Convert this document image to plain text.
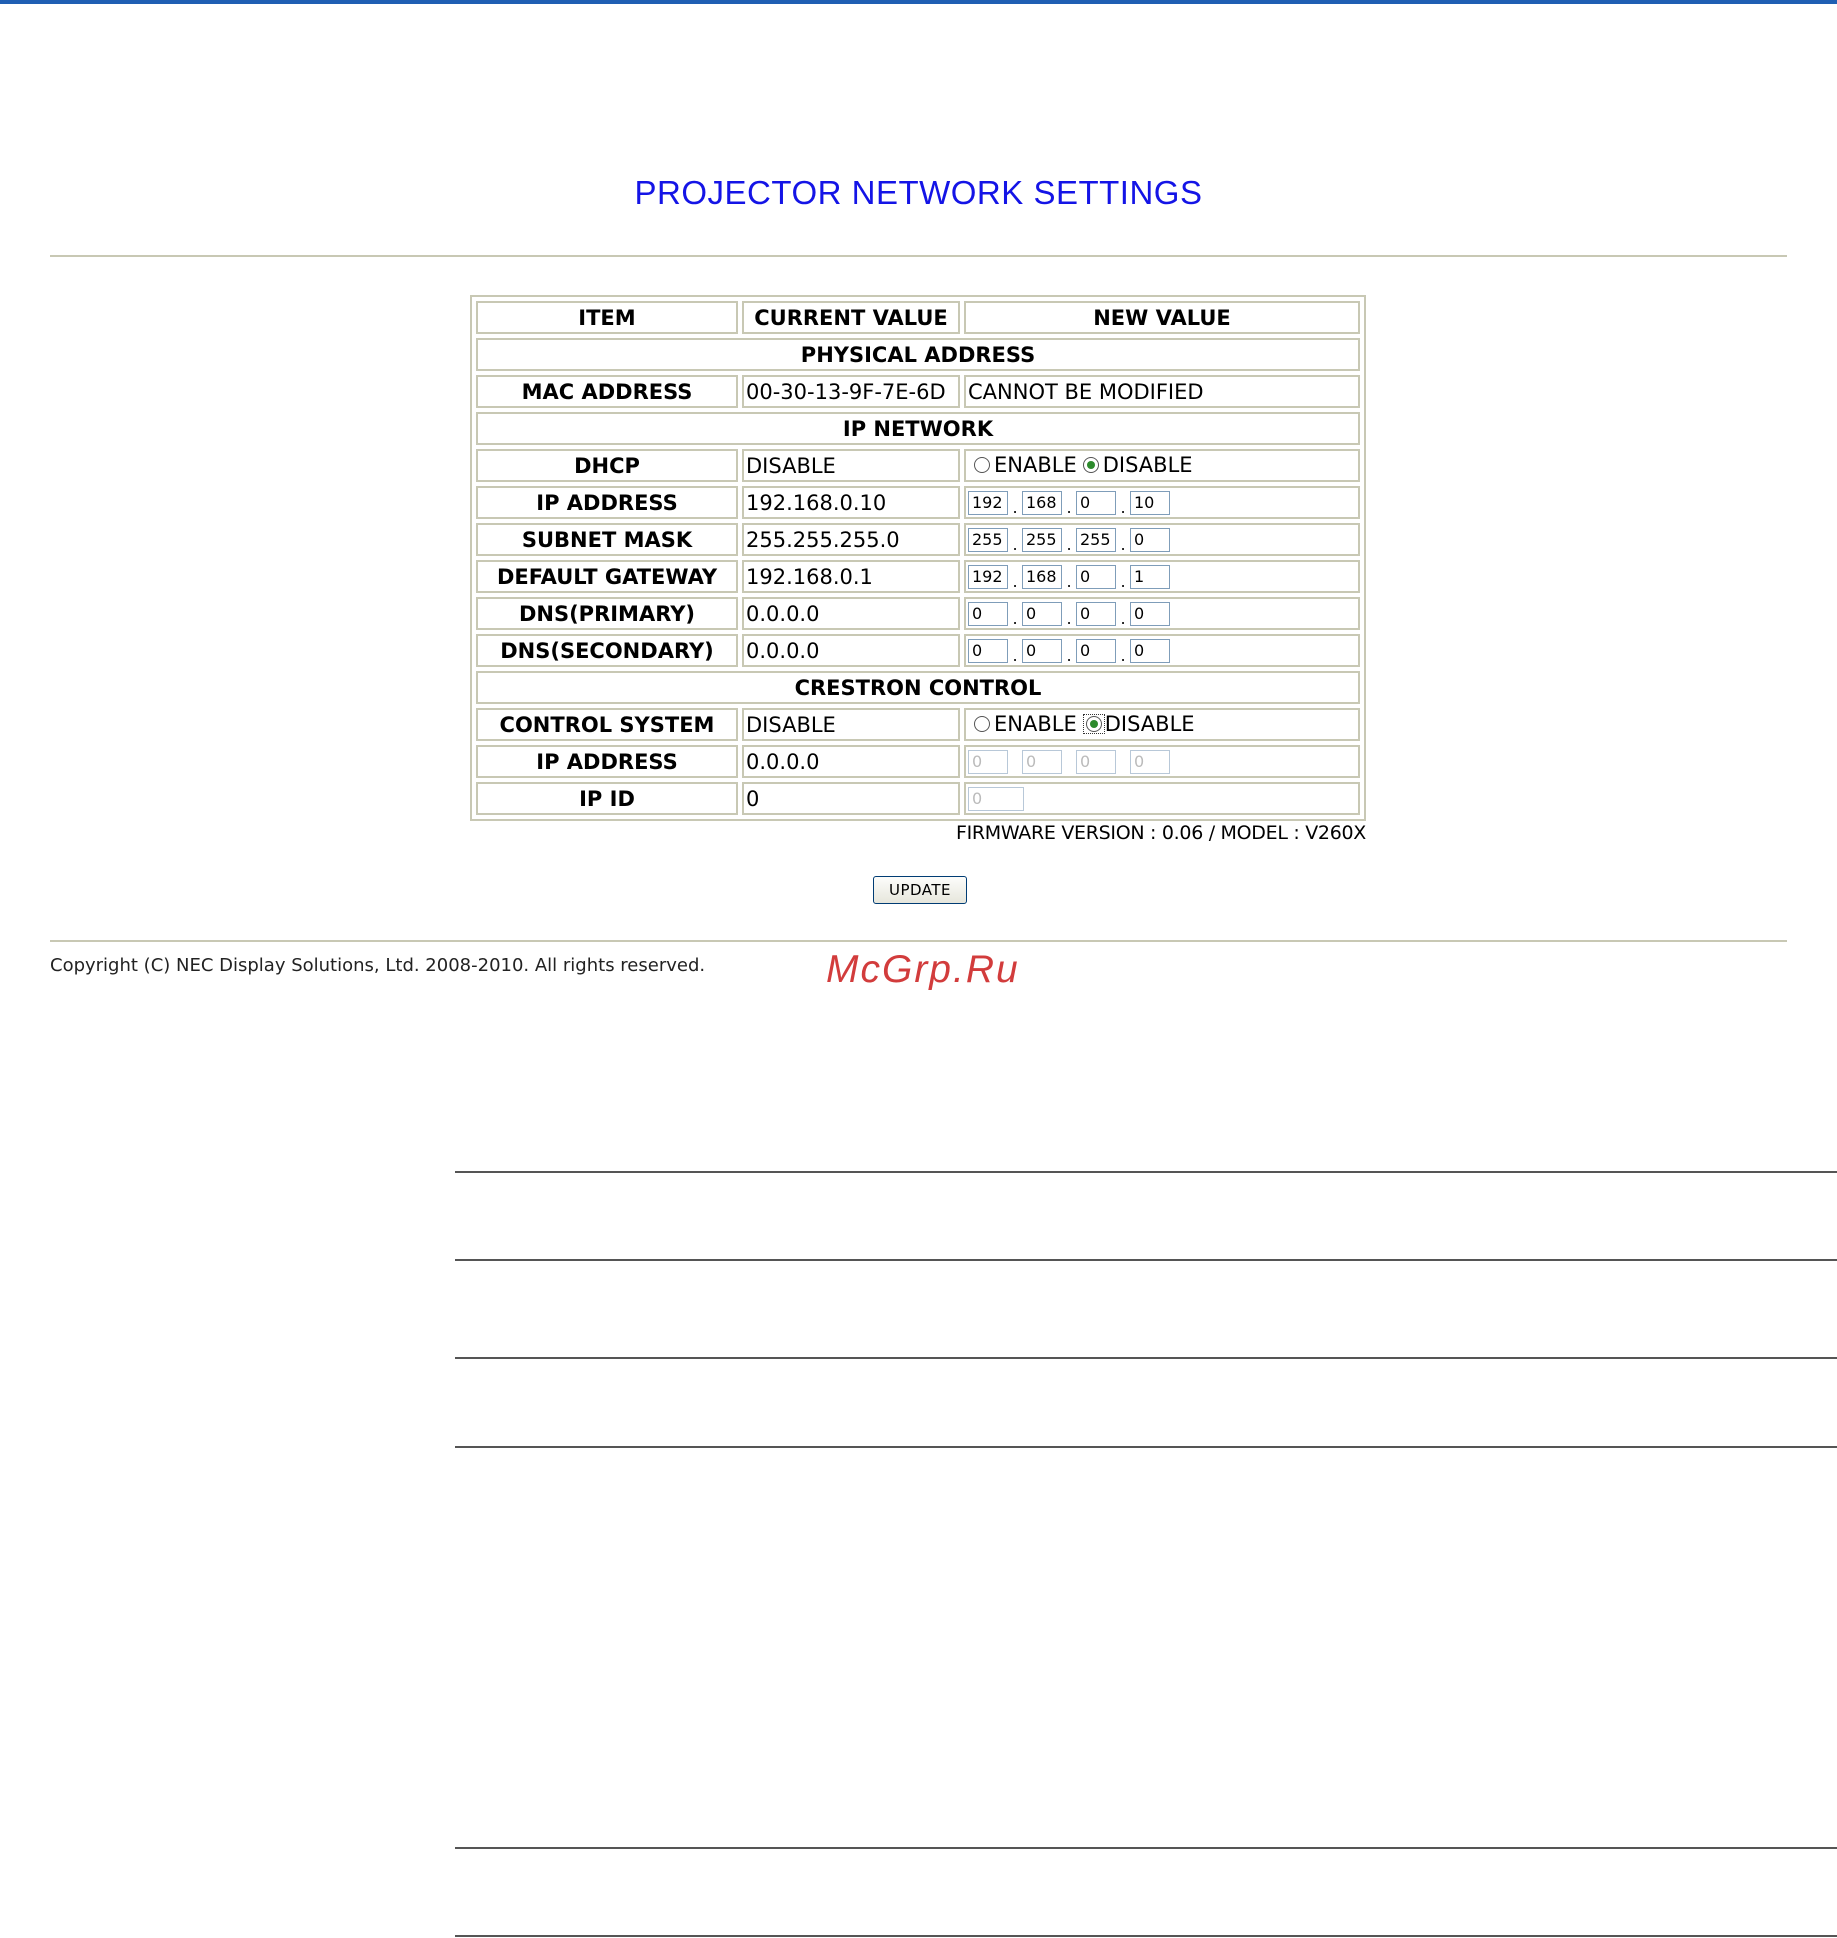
PROJECTOR NETWORK SETTINGS
ITEM	CURRENT VALUE	NEW VALUE
PHYSICAL ADDRESS		
MAC ADDRESS	00-30-13-9F-7E-6D	CANNOT BE MODIFIED
IP NETWORK		
DHCP	DISABLE	ENABLE DISABLE

IP ADDRESS	192.168.0.10	192.168 .0 .10
SUBNET MASK	255.255.255.0	255.255 .255 .0
DEFAULT GATEWAY	192.168.0.1	192.168 .0 .1
DNS(PRIMARY)	0.0.0.0	0.0 .0 .0
DNS(SECONDARY)	0.0.0.0	0.0 .0 .0
CRESTRON CONTROL		
CONTROL SYSTEM	DISABLE	ENABLE DISABLE

IP ADDRESS	0.0.0.0	0 0 0 0
IP ID	0	0
FIRMWARE VERSION : 0.06 / MODEL : V260X
UPDATE
Copyright (C) NEC Display Solutions, Ltd. 2008-2010. All rights reserved.	McGrp.Ru
